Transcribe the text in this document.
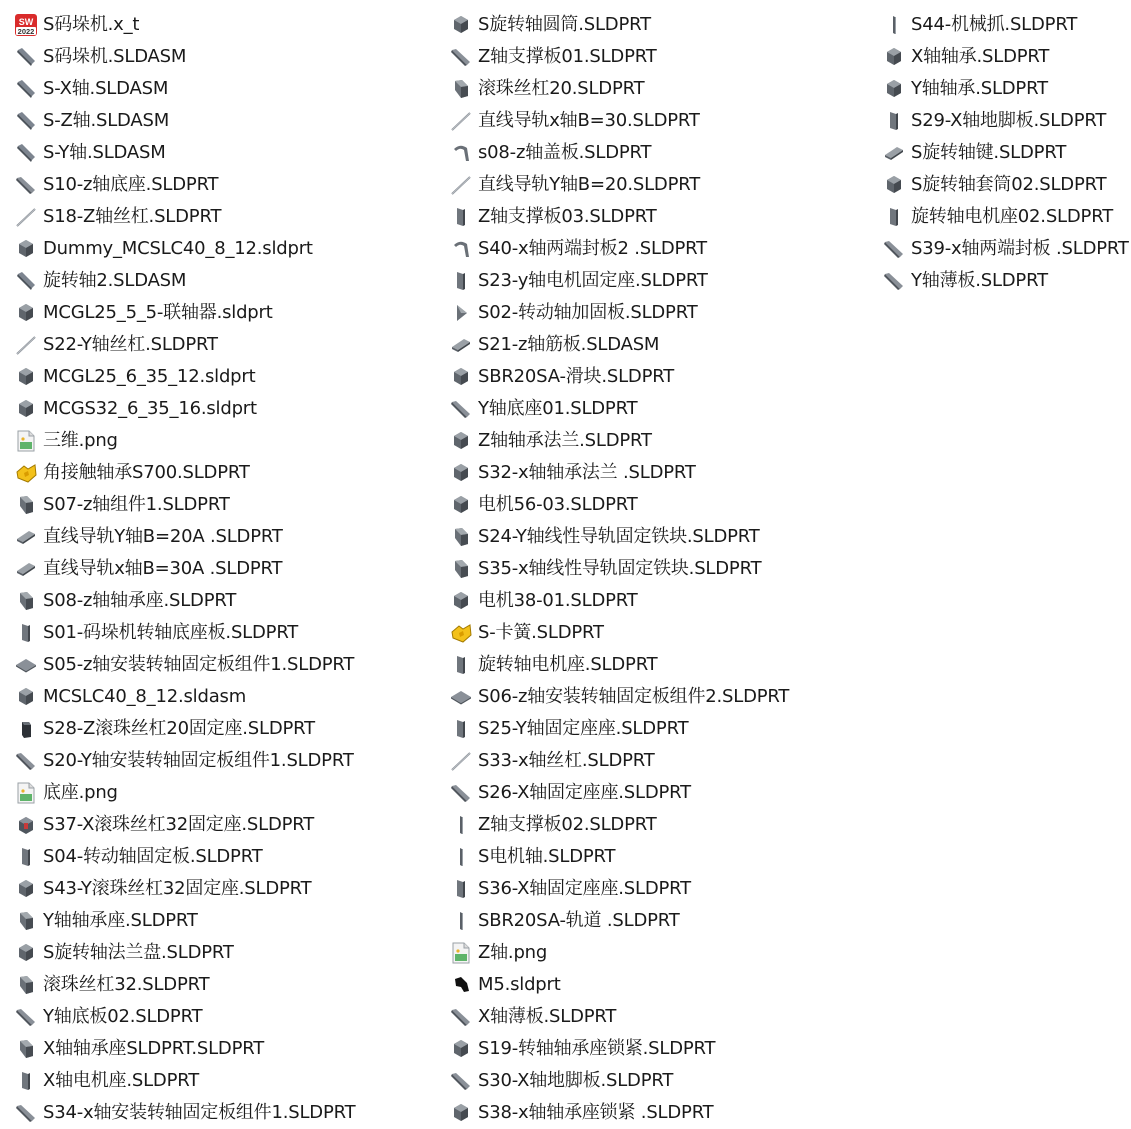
SW
2022 S码垛机.x_t
S码垛机.SLDASM
S-X轴.SLDASM
S-Z轴.SLDASM
S-Y轴.SLDASM
S10-z轴底座.SLDPRT
S18-Z轴丝杠.SLDPRT
Dummy_MCSLC40_8_12.sldprt
旋转轴2.SLDASM
MCGL25_5_5-联轴器.sldprt
S22-Y轴丝杠.SLDPRT
MCGL25_6_35_12.sldprt
MCGS32_6_35_16.sldprt
三维.png
角接触轴承S700.SLDPRT
S07-z轴组件1.SLDPRT
直线导轨Y轴B=20A .SLDPRT
直线导轨x轴B=30A .SLDPRT
S08-z轴轴承座.SLDPRT
S01-码垛机转轴底座板.SLDPRT
S05-z轴安装转轴固定板组件1.SLDPRT
MCSLC40_8_12.sldasm
S28-Z滚珠丝杠20固定座.SLDPRT
S20-Y轴安装转轴固定板组件1.SLDPRT
底座.png
S37-X滚珠丝杠32固定座.SLDPRT
S04-转动轴固定板.SLDPRT
S43-Y滚珠丝杠32固定座.SLDPRT
Y轴轴承座.SLDPRT
S旋转轴法兰盘.SLDPRT
滚珠丝杠32.SLDPRT
Y轴底板02.SLDPRT
X轴轴承座SLDPRT.SLDPRT
X轴电机座.SLDPRT
S34-x轴安装转轴固定板组件1.SLDPRT
S旋转轴圆筒.SLDPRT
Z轴支撑板01.SLDPRT
滚珠丝杠20.SLDPRT
直线导轨x轴B=30.SLDPRT
s08-z轴盖板.SLDPRT
直线导轨Y轴B=20.SLDPRT
Z轴支撑板03.SLDPRT
S40-x轴两端封板2 .SLDPRT
S23-y轴电机固定座.SLDPRT
S02-转动轴加固板.SLDPRT
S21-z轴筋板.SLDASM
SBR20SA-滑块.SLDPRT
Y轴底座01.SLDPRT
Z轴轴承法兰.SLDPRT
S32-x轴轴承法兰 .SLDPRT
电机56-03.SLDPRT
S24-Y轴线性导轨固定铁块.SLDPRT
S35-x轴线性导轨固定铁块.SLDPRT
电机38-01.SLDPRT
S-卡簧.SLDPRT
旋转轴电机座.SLDPRT
S06-z轴安装转轴固定板组件2.SLDPRT
S25-Y轴固定座座.SLDPRT
S33-x轴丝杠.SLDPRT
S26-X轴固定座座.SLDPRT
Z轴支撑板02.SLDPRT
S电机轴.SLDPRT
S36-X轴固定座座.SLDPRT
SBR20SA-轨道 .SLDPRT
Z轴.png
M5.sldprt
X轴薄板.SLDPRT
S19-转轴轴承座锁紧.SLDPRT
S30-X轴地脚板.SLDPRT
S38-x轴轴承座锁紧 .SLDPRT
S44-机械抓.SLDPRT
X轴轴承.SLDPRT
Y轴轴承.SLDPRT
S29-X轴地脚板.SLDPRT
S旋转轴键.SLDPRT
S旋转轴套筒02.SLDPRT
旋转轴电机座02.SLDPRT
S39-x轴两端封板 .SLDPRT
Y轴薄板.SLDPRT
